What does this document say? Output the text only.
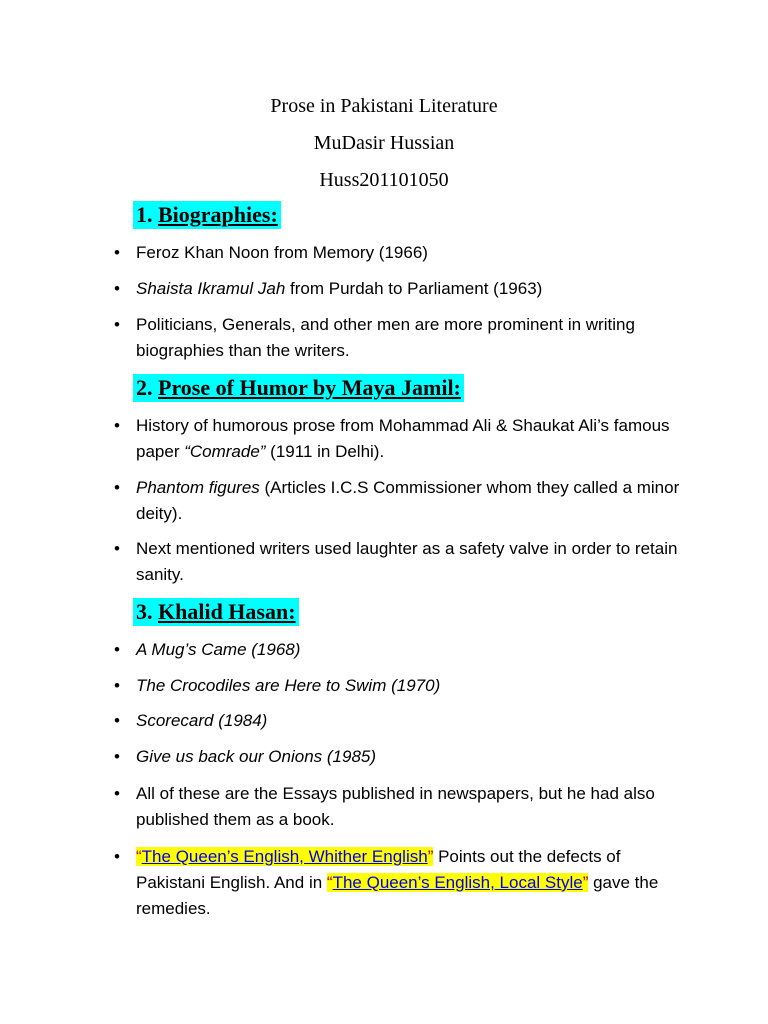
Prose in Pakistani Literature
MuDasir Hussian
Huss201101050
1. Biographies:
• Feroz Khan Noon from Memory (1966)
• Shaista Ikramul Jah from Purdah to Parliament (1963)
• Politicians, Generals, and other men are more prominent in writing biographies than the writers.
2. Prose of Humor by Maya Jamil:
• History of humorous prose from Mohammad Ali & Shaukat Ali’s famous paper “Comrade” (1911 in Delhi).
• Phantom figures (Articles I.C.S Commissioner whom they called a minor deity).
• Next mentioned writers used laughter as a safety valve in order to retain sanity.
3. Khalid Hasan:
• A Mug’s Came (1968)
• The Crocodiles are Here to Swim (1970)
• Scorecard (1984)
• Give us back our Onions (1985)
• All of these are the Essays published in newspapers, but he had also published them as a book.
• “The Queen’s English, Whither English” Points out the defects of Pakistani English. And in “The Queen’s English, Local Style” gave the remedies.
